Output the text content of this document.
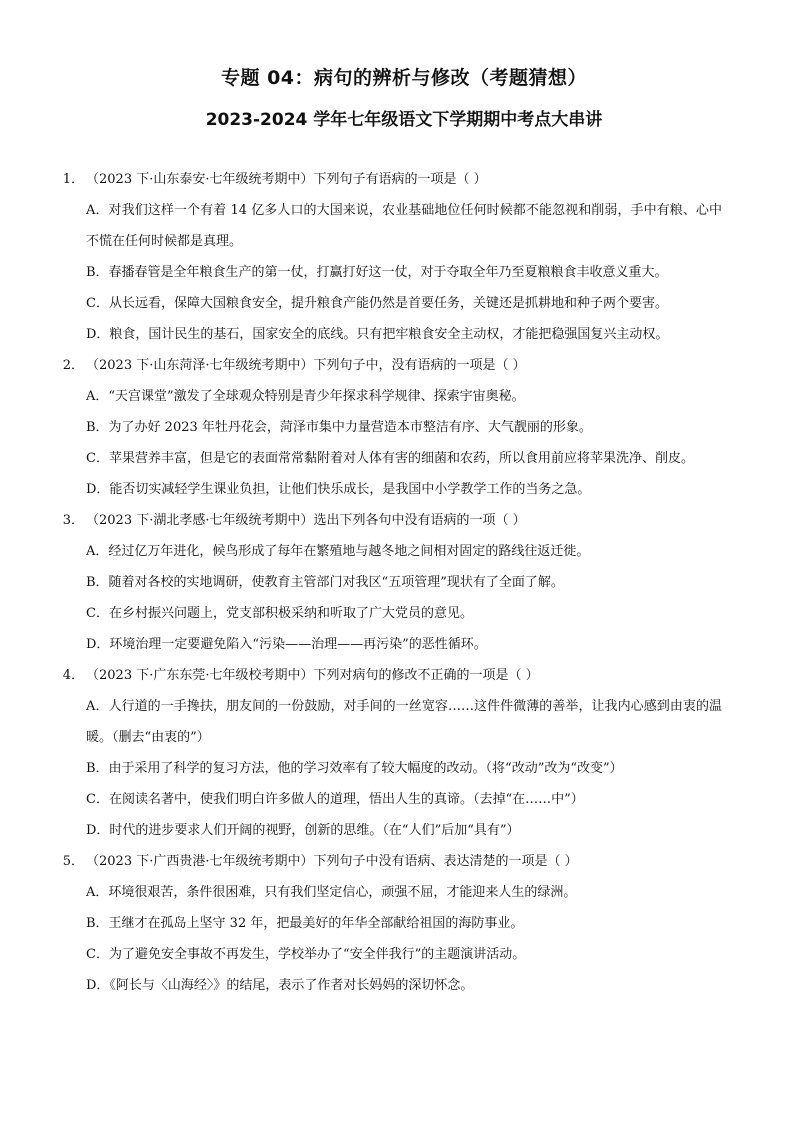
专题 04：病句的辨析与修改（考题猜想）
2023-2024 学年七年级语文下学期期中考点大串讲
1． （2023 下·山东泰安·七年级统考期中）下列句子有语病的一项是（ ）

A．对我们这样一个有着 14 亿多人口的大国来说，农业基础地位任何时候都不能忽视和削弱，手中有粮、心中不慌在任何时候都是真理。

B．春播春管是全年粮食生产的第一仗，打赢打好这一仗，对于夺取全年乃至夏粮粮食丰收意义重大。

C．从长远看，保障大国粮食安全，提升粮食产能仍然是首要任务，关键还是抓耕地和种子两个要害。

D．粮食，国计民生的基石，国家安全的底线。只有把牢粮食安全主动权，才能把稳强国复兴主动权。

2． （2023 下·山东菏泽·七年级统考期中）下列句子中，没有语病的一项是（ ）

A．“天宫课堂”激发了全球观众特别是青少年探求科学规律、探索宇宙奥秘。

B．为了办好 2023 年牡丹花会，菏泽市集中力量营造本市整洁有序、大气靓丽的形象。

C．苹果营养丰富，但是它的表面常常黏附着对人体有害的细菌和农药，所以食用前应将苹果洗净、削皮。

D．能否切实减轻学生课业负担，让他们快乐成长，是我国中小学教学工作的当务之急。

3． （2023 下·湖北孝感·七年级统考期中）选出下列各句中没有语病的一项（ ）

A．经过亿万年进化，候鸟形成了每年在繁殖地与越冬地之间相对固定的路线往返迁徙。

B．随着对各校的实地调研，使教育主管部门对我区“五项管理”现状有了全面了解。

C．在乡村振兴问题上，党支部积极采纳和听取了广大党员的意见。

D．环境治理一定要避免陷入“污染——治理——再污染”的恶性循环。

4． （2023 下·广东东莞·七年级校考期中）下列对病句的修改不正确的一项是（ ）

A．人行道的一手搀扶，朋友间的一份鼓励，对手间的一丝宽容……这件件微薄的善举，让我内心感到由衷的温暖。（删去“由衷的”）

B．由于采用了科学的复习方法，他的学习效率有了较大幅度的改动。（将“改动”改为“改变”）

C．在阅读名著中，使我们明白许多做人的道理，悟出人生的真谛。（去掉“在……中”）

D．时代的进步要求人们开阔的视野，创新的思维。（在“人们”后加“具有”）

5． （2023 下·广西贵港·七年级统考期中）下列句子中没有语病、表达清楚的一项是（ ）

A．环境很艰苦，条件很困难，只有我们坚定信心，顽强不屈，才能迎来人生的绿洲。

B．王继才在孤岛上坚守 32 年，把最美好的年华全部献给祖国的海防事业。

C．为了避免安全事故不再发生，学校举办了“安全伴我行”的主题演讲活动。

D．《阿长与〈山海经〉》的结尾，表示了作者对长妈妈的深切怀念。
